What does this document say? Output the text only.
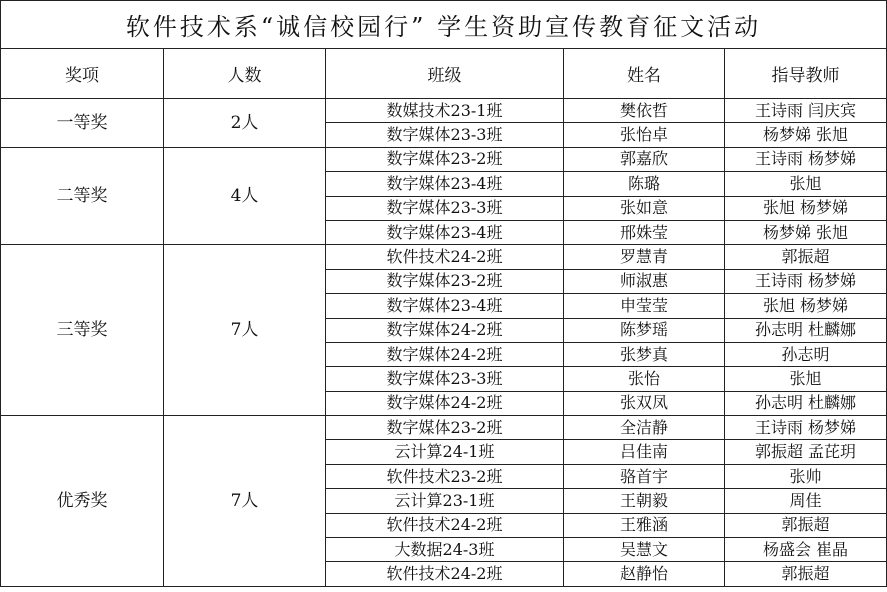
软件技术系“诚信校园行” 学生资助宣传教育征文活动
奖项	人数	班级	姓名	指导教师
一等奖	2人	数媒技术23-1班	樊依哲	王诗雨 闫庆宾
		数字媒体23-3班	张怡卓	杨梦娣 张旭
二等奖	4人	数字媒体23-2班	郭嘉欣	王诗雨 杨梦娣
		数字媒体23-4班	陈璐	张旭
		数字媒体23-3班	张如意	张旭 杨梦娣
		数字媒体23-4班	邢姝莹	杨梦娣 张旭
三等奖	7人	软件技术24-2班	罗慧青	郭振超
		数字媒体23-2班	师淑惠	王诗雨 杨梦娣
		数字媒体23-4班	申莹莹	张旭 杨梦娣
		数字媒体24-2班	陈梦瑶	孙志明 杜麟娜
		数字媒体24-2班	张梦真	孙志明
		数字媒体23-3班	张怡	张旭
		数字媒体24-2班	张双凤	孙志明 杜麟娜
优秀奖	7人	数字媒体23-2班	全洁静	王诗雨 杨梦娣
		云计算24-1班	吕佳南	郭振超 孟芘玥
		软件技术23-2班	骆首宇	张帅
		云计算23-1班	王朝毅	周佳
		软件技术24-2班	王雅涵	郭振超
		大数据24-3班	吴慧文	杨盛会 崔晶
		软件技术24-2班	赵静怡	郭振超
